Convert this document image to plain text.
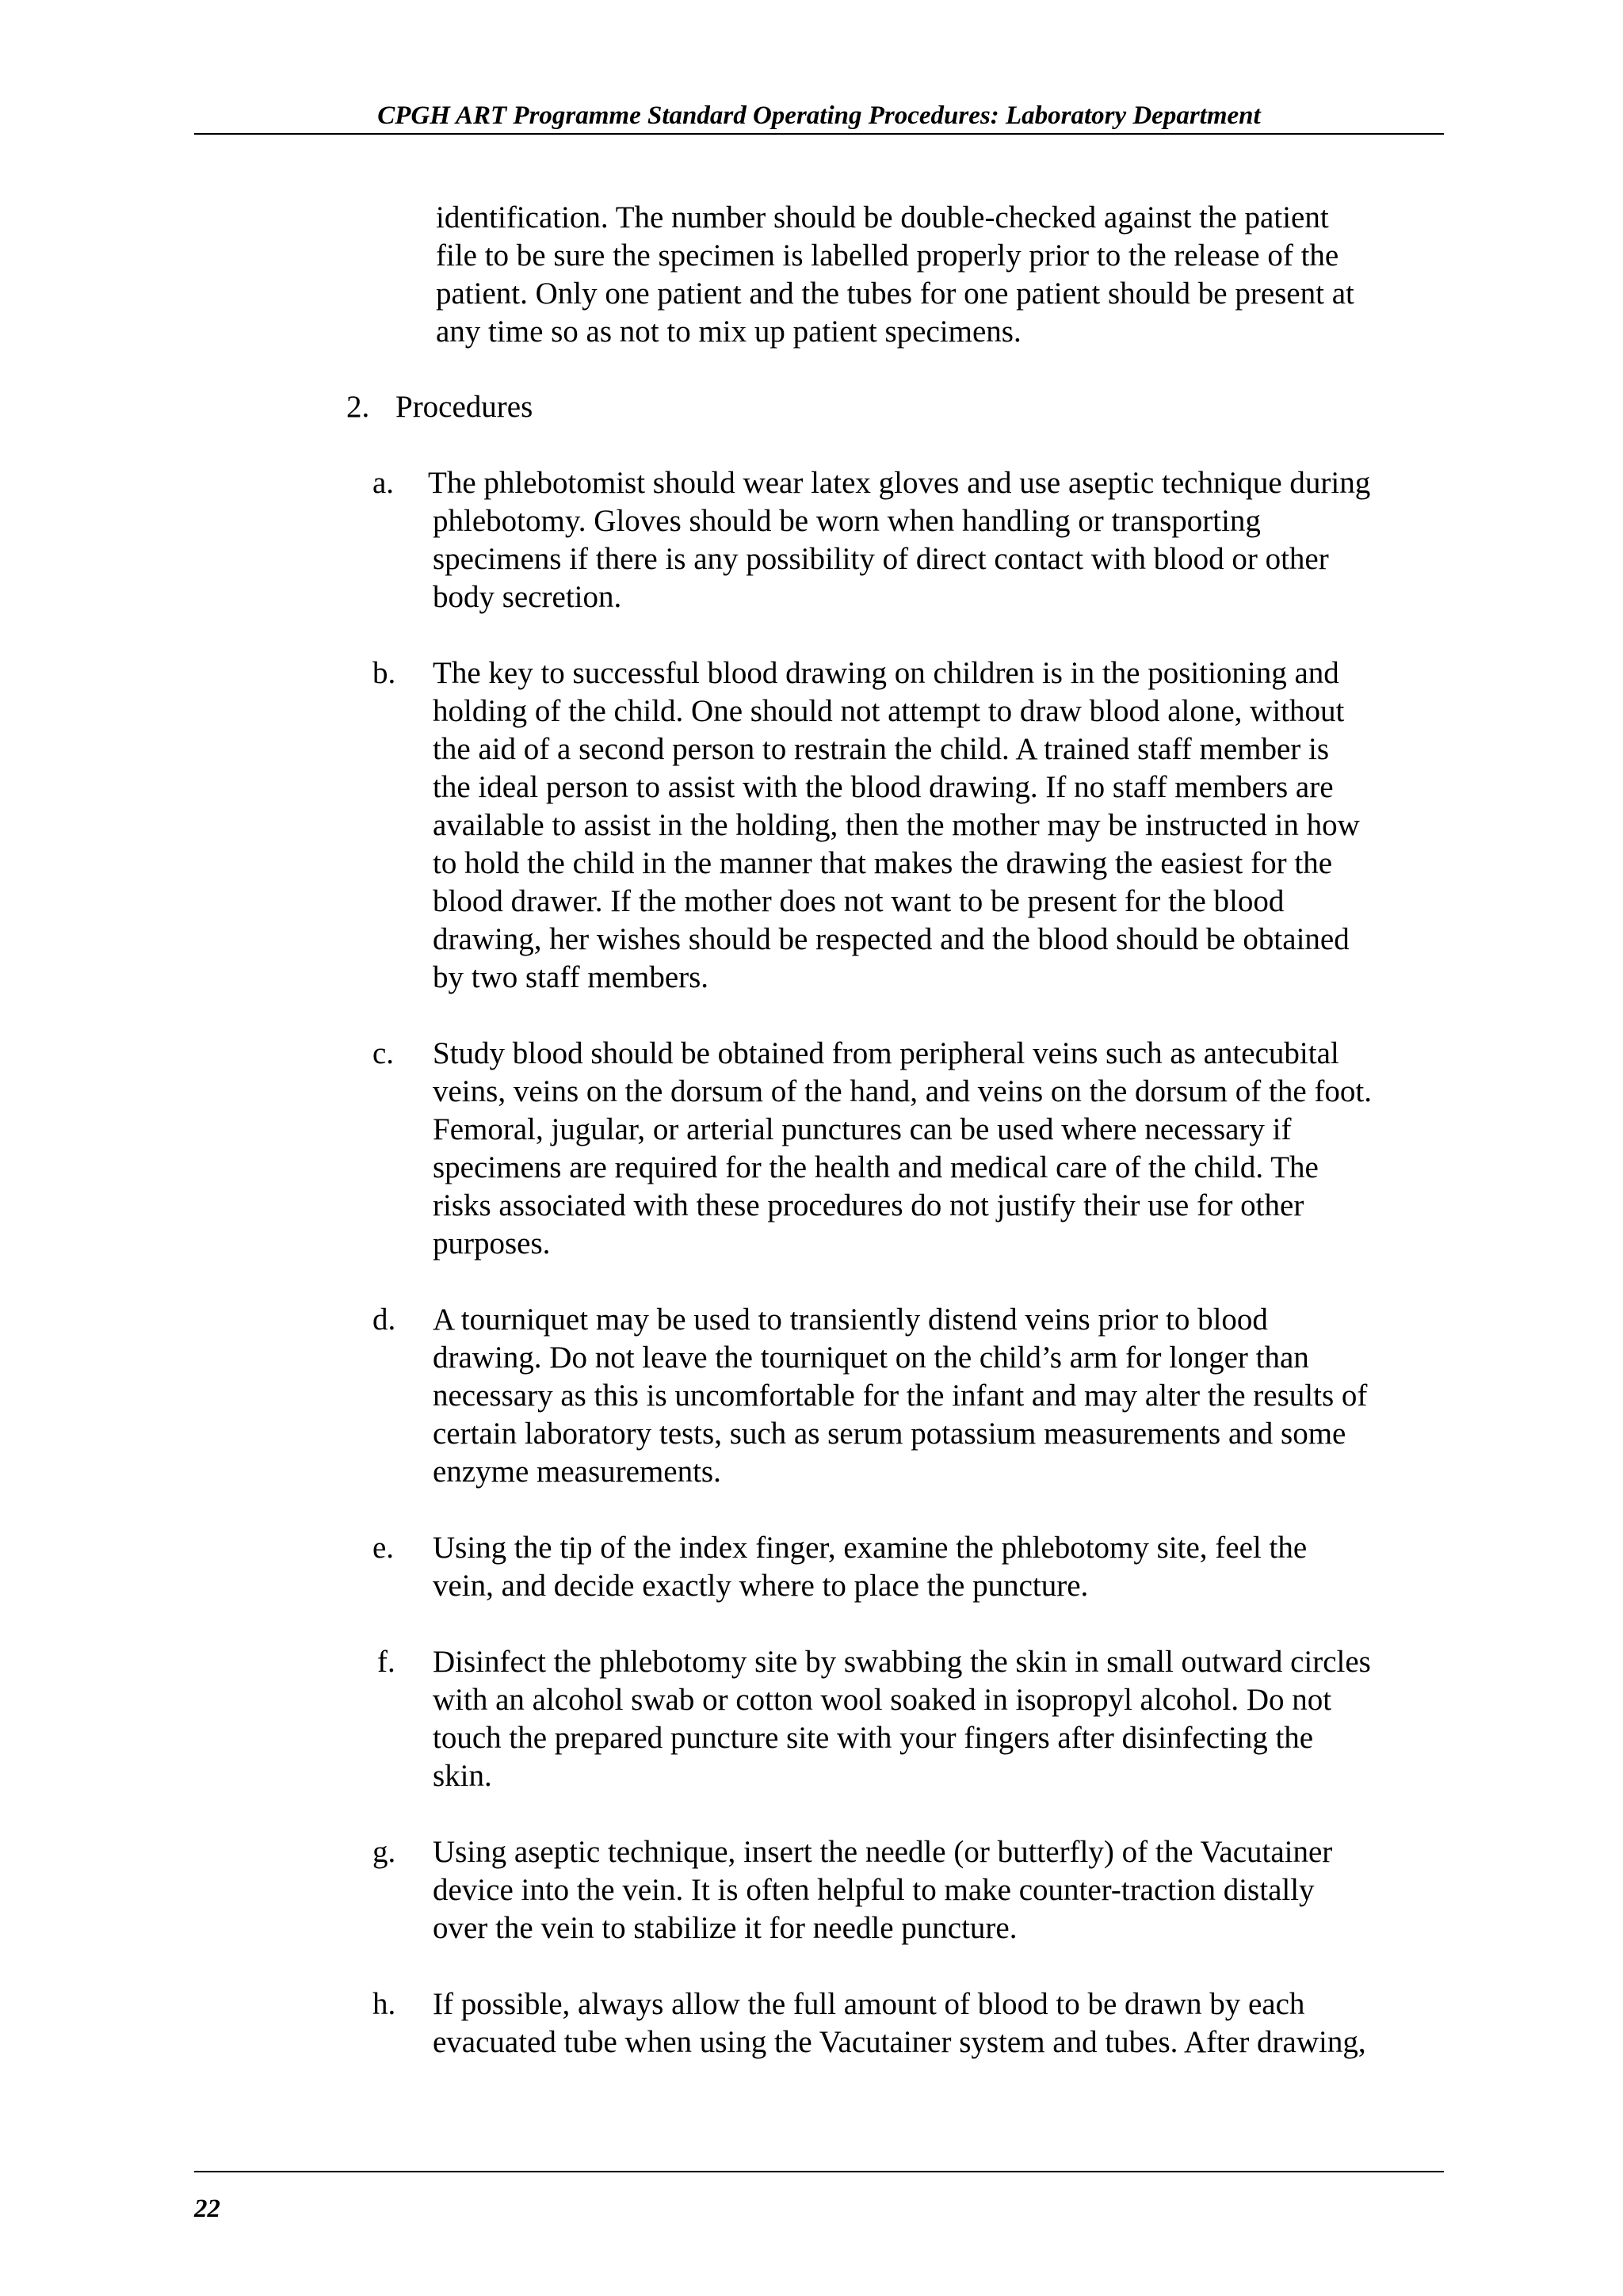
CPGH ART Programme Standard Operating Procedures: Laboratory Department
identification. The number should be double-checked against the patient
file to be sure the specimen is labelled properly prior to the release of the
patient. Only one patient and the tubes for one patient should be present at
any time so as not to mix up patient specimens.
2. Procedures
a.	The phlebotomist should wear latex gloves and use aseptic technique during
phlebotomy. Gloves should be worn when handling or transporting
specimens if there is any possibility of direct contact with blood or other
body secretion.
b.	The key to successful blood drawing on children is in the positioning and
holding of the child. One should not attempt to draw blood alone, without
the aid of a second person to restrain the child. A trained staff member is
the ideal person to assist with the blood drawing. If no staff members are
available to assist in the holding, then the mother may be instructed in how
to hold the child in the manner that makes the drawing the easiest for the
blood drawer. If the mother does not want to be present for the blood
drawing, her wishes should be respected and the blood should be obtained
by two staff members.
c.	Study blood should be obtained from peripheral veins such as antecubital
veins, veins on the dorsum of the hand, and veins on the dorsum of the foot.
Femoral, jugular, or arterial punctures can be used where necessary if
specimens are required for the health and medical care of the child. The
risks associated with these procedures do not justify their use for other
purposes.
d.	A tourniquet may be used to transiently distend veins prior to blood
drawing. Do not leave the tourniquet on the child’s arm for longer than
necessary as this is uncomfortable for the infant and may alter the results of
certain laboratory tests, such as serum potassium measurements and some
enzyme measurements.
e.	Using the tip of the index finger, examine the phlebotomy site, feel the
vein, and decide exactly where to place the puncture.
f.	Disinfect the phlebotomy site by swabbing the skin in small outward circles
with an alcohol swab or cotton wool soaked in isopropyl alcohol. Do not
touch the prepared puncture site with your fingers after disinfecting the
skin.
g.	Using aseptic technique, insert the needle (or butterfly) of the Vacutainer
device into the vein. It is often helpful to make counter-traction distally
over the vein to stabilize it for needle puncture.
h.	If possible, always allow the full amount of blood to be drawn by each
evacuated tube when using the Vacutainer system and tubes. After drawing,
22
